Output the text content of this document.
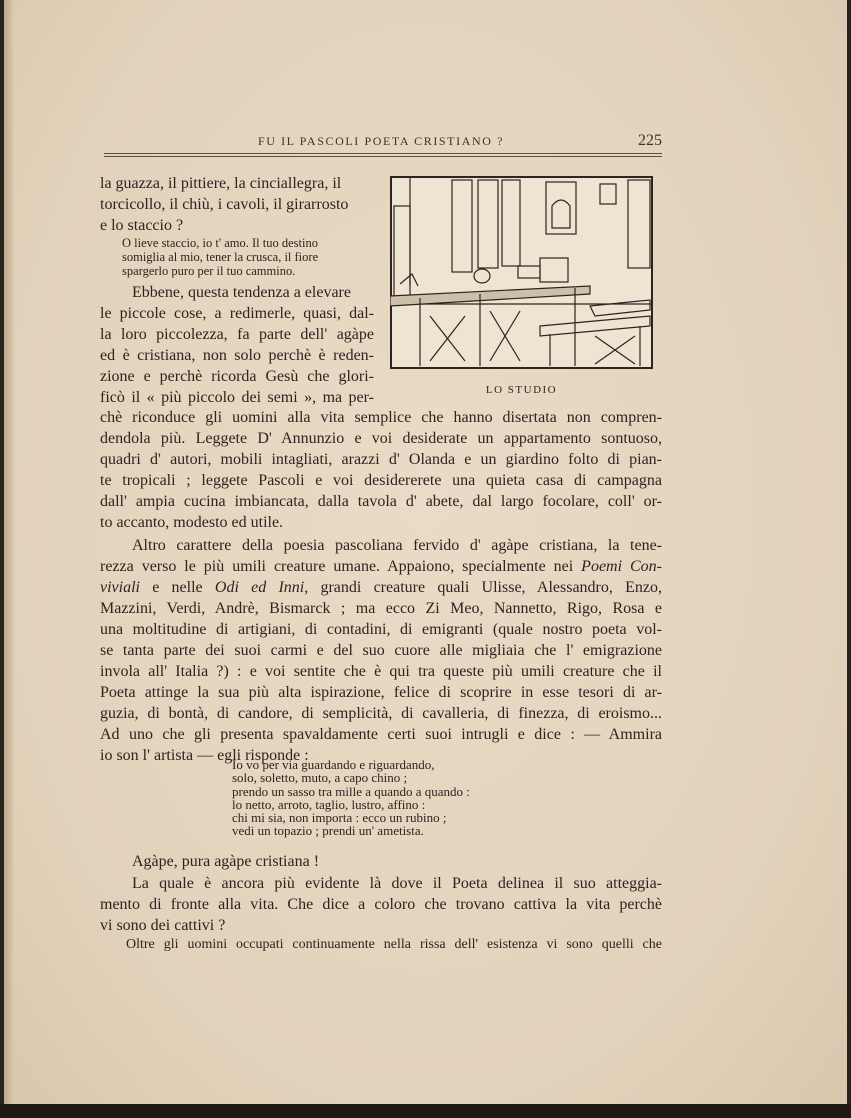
FU IL PASCOLI POETA CRISTIANO ?	225
la guazza, il pittiere, la cinciallegra, il
torcicollo, il chiù, i cavoli, il girarrosto
e lo staccio ?
O lieve staccio, io t' amo. Il tuo destino
somiglia al mio, tener la crusca, il fiore
spargerlo puro per il tuo cammino.
Ebbene, questa tendenza a elevare
le piccole cose, a redimerle, quasi, dal-
la loro piccolezza, fa parte dell' agàpe
ed è cristiana, non solo perchè è reden-
zione e perchè ricorda Gesù che glori-
ficò il « più piccolo dei semi », ma per-	LO STUDIO
chè riconduce gli uomini alla vita semplice che hanno disertata non compren-
dendola più. Leggete D' Annunzio e voi desiderate un appartamento sontuoso,
quadri d' autori, mobili intagliati, arazzi d' Olanda e un giardino folto di pian-
te tropicali ; leggete Pascoli e voi desidererete una quieta casa di campagna
dall' ampia cucina imbiancata, dalla tavola d' abete, dal largo focolare, coll' or-
to accanto, modesto ed utile.
Altro carattere della poesia pascoliana fervido d' agàpe cristiana, la tene-
rezza verso le più umili creature umane. Appaiono, specialmente nei Poemi Con-
viviali e nelle Odi ed Inni, grandi creature quali Ulisse, Alessandro, Enzo,
Mazzini, Verdi, Andrè, Bismarck ; ma ecco Zi Meo, Nannetto, Rigo, Rosa e
una moltitudine di artigiani, di contadini, di emigranti (quale nostro poeta vol-
se tanta parte dei suoi carmi e del suo cuore alle migliaia che l' emigrazione
invola all' Italia ?) : e voi sentite che è qui tra queste più umili creature che il
Poeta attinge la sua più alta ispirazione, felice di scoprire in esse tesori di ar-
guzia, di bontà, di candore, di semplicità, di cavalleria, di finezza, di eroismo...
Ad uno che gli presenta spavaldamente certi suoi intrugli e dice : — Ammira
io son l' artista — egli risponde :
Io vo per via guardando e riguardando,
solo, soletto, muto, a capo chino ;
prendo un sasso tra mille a quando a quando :
lo netto, arroto, taglio, lustro, affino :
chi mi sia, non importa : ecco un rubino ;
vedi un topazio ; prendi un' ametista.
Agàpe, pura agàpe cristiana !
La quale è ancora più evidente là dove il Poeta delinea il suo atteggia-
mento di fronte alla vita. Che dice a coloro che trovano cattiva la vita perchè
vi sono dei cattivi ?
Oltre gli uomini occupati continuamente nella rissa dell' esistenza vi sono quelli che
